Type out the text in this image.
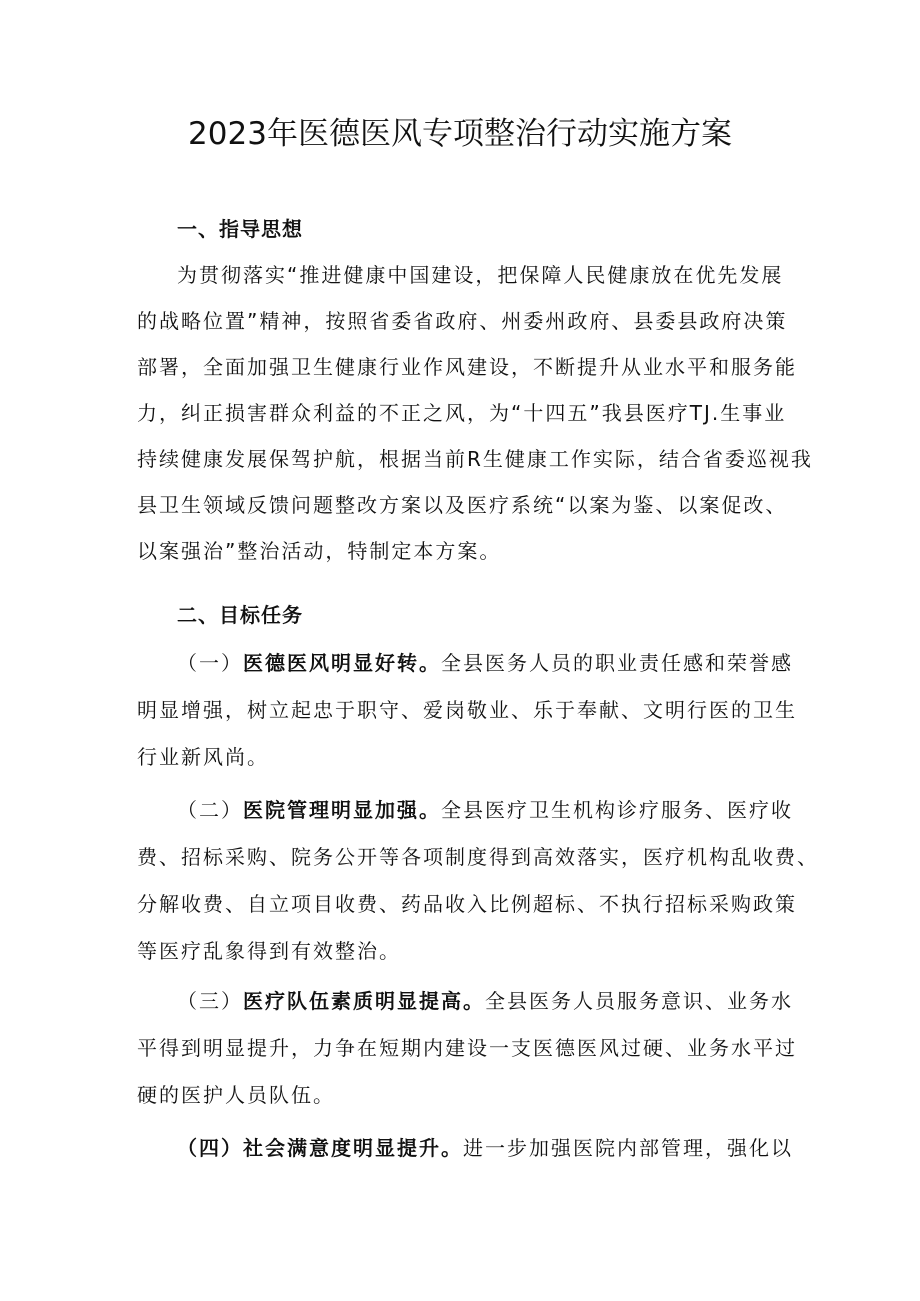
2023年医德医风专项整治行动实施方案
一、指导思想
为贯彻落实“推进健康中国建设，把保障人民健康放在优先发展
的战略位置”精神，按照省委省政府、州委州政府、县委县政府决策
部署，全面加强卫生健康行业作风建设，不断提升从业水平和服务能
力，纠正损害群众利益的不正之风，为“十四五”我县医疗TJ.生事业
持续健康发展保驾护航，根据当前R生健康工作实际，结合省委巡视我
县卫生领域反馈问题整改方案以及医疗系统“以案为鉴、以案促改、
以案强治”整治活动，特制定本方案。
二、目标任务
（一）医德医风明显好转。全县医务人员的职业责任感和荣誉感
明显增强，树立起忠于职守、爱岗敬业、乐于奉献、文明行医的卫生
行业新风尚。
（二）医院管理明显加强。全县医疗卫生机构诊疗服务、医疗收
费、招标采购、院务公开等各项制度得到高效落实，医疗机构乱收费、
分解收费、自立项目收费、药品收入比例超标、不执行招标采购政策
等医疗乱象得到有效整治。
（三）医疗队伍素质明显提高。全县医务人员服务意识、业务水
平得到明显提升，力争在短期内建设一支医德医风过硬、业务水平过
硬的医护人员队伍。
（四）社会满意度明显提升。进一步加强医院内部管理，强化以
